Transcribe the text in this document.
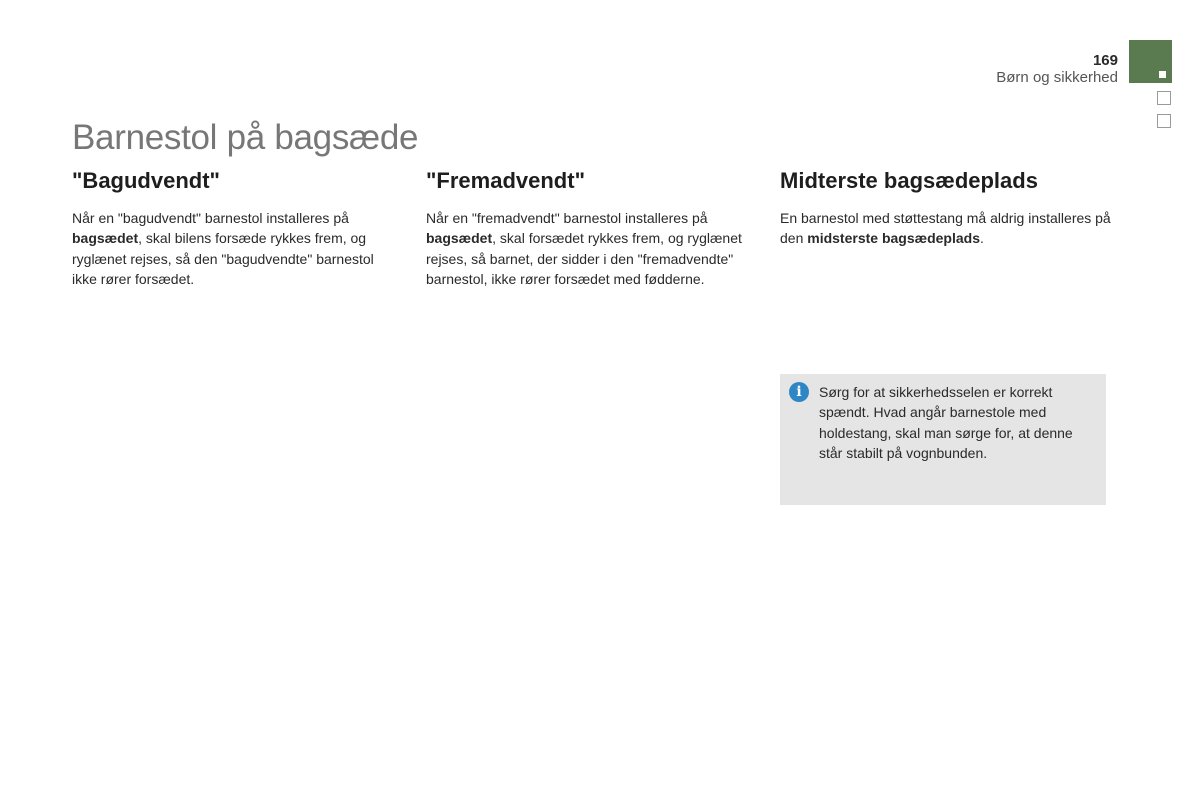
169
Børn og sikkerhed
Barnestol på bagsæde
"Bagudvendt"

Når en "bagudvendt" barnestol installeres på bagsædet, skal bilens forsæde rykkes frem, og ryglænet rejses, så den "bagudvendte" barnestol ikke rører forsædet.

"Fremadvendt"

Når en "fremadvendt" barnestol installeres på bagsædet, skal forsædet rykkes frem, og ryglænet rejses, så barnet, der sidder i den "fremadvendte" barnestol, ikke rører forsædet med fødderne.

Midterste bagsædeplads

En barnestol med støttestang må aldrig installeres på den midsterste bagsædeplads.

i	Sørg for at sikkerhedsselen er korrekt spændt. Hvad angår barnestole med holdestang, skal man sørge for, at denne står stabilt på vognbunden.
